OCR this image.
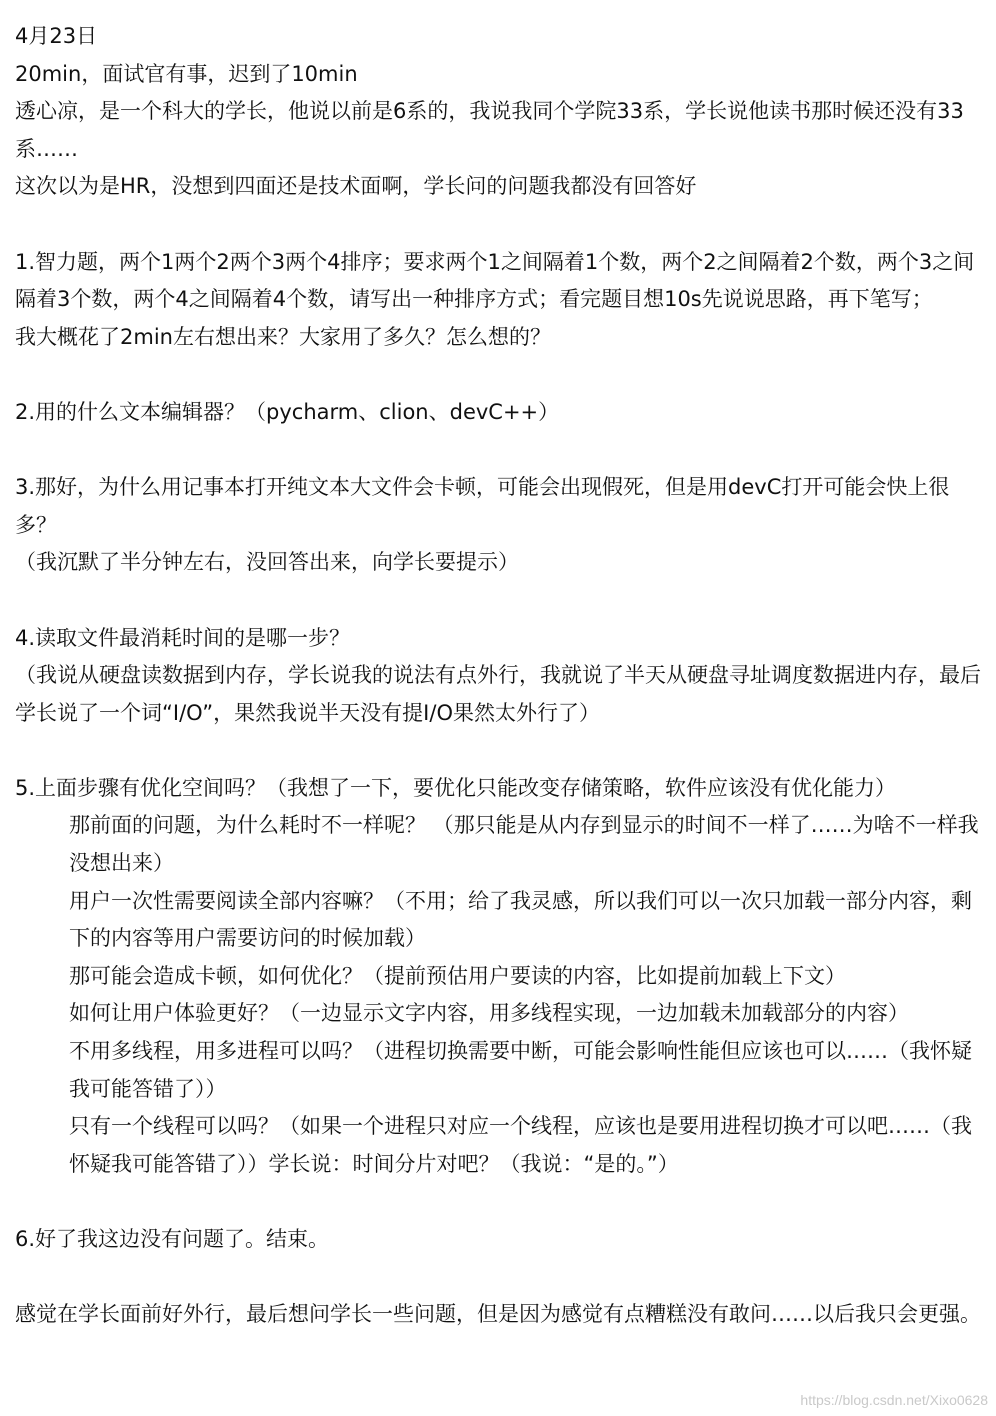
4月23日

20min，面试官有事，迟到了10min

透心凉，是一个科大的学长，他说以前是6系的，我说我同个学院33系，学长说他读书那时候还没有33系……

这次以为是HR，没想到四面还是技术面啊，学长问的问题我都没有回答好

1.智力题，两个1两个2两个3两个4排序；要求两个1之间隔着1个数，两个2之间隔着2个数，两个3之间隔着3个数，两个4之间隔着4个数，请写出一种排序方式；看完题目想10s先说说思路，再下笔写；

我大概花了2min左右想出来？大家用了多久？怎么想的？

2.用的什么文本编辑器？（pycharm、clion、devC++）

3.那好，为什么用记事本打开纯文本大文件会卡顿，可能会出现假死，但是用devC打开可能会快上很多？

（我沉默了半分钟左右，没回答出来，向学长要提示）

4.读取文件最消耗时间的是哪一步？

（我说从硬盘读数据到内存，学长说我的说法有点外行，我就说了半天从硬盘寻址调度数据进内存，最后学长说了一个词“I/O”，果然我说半天没有提I/O果然太外行了）

5.上面步骤有优化空间吗？（我想了一下，要优化只能改变存储策略，软件应该没有优化能力）

那前面的问题，为什么耗时不一样呢？ （那只能是从内存到显示的时间不一样了……为啥不一样我没想出来）

用户一次性需要阅读全部内容嘛？（不用；给了我灵感，所以我们可以一次只加载一部分内容，剩下的内容等用户需要访问的时候加载）

那可能会造成卡顿，如何优化？（提前预估用户要读的内容，比如提前加载上下文）

如何让用户体验更好？（一边显示文字内容，用多线程实现，一边加载未加载部分的内容）

不用多线程，用多进程可以吗？（进程切换需要中断，可能会影响性能但应该也可以……（我怀疑我可能答错了））

只有一个线程可以吗？（如果一个进程只对应一个线程，应该也是要用进程切换才可以吧……（我怀疑我可能答错了））学长说：时间分片对吧？（我说：“是的。”）

6.好了我这边没有问题了。结束。

感觉在学长面前好外行，最后想问学长一些问题，但是因为感觉有点糟糕没有敢问……以后我只会更强。

https://blog.csdn.net/Xixo0628
